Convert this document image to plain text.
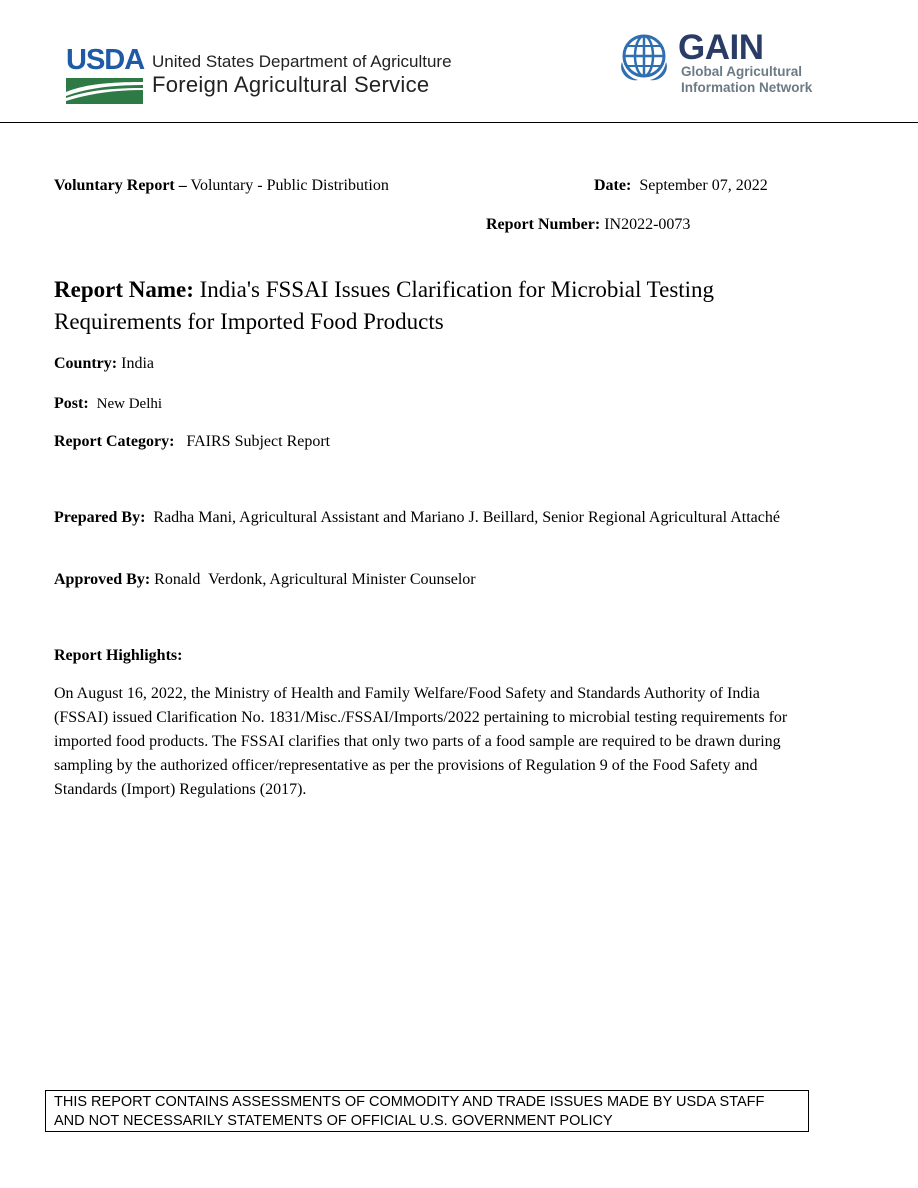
USDA United States Department of Agriculture
Foreign Agricultural Service
GAIN
Global Agricultural
Information Network
Voluntary Report – Voluntary - Public Distribution	Date: September 07, 2022
Report Number: IN2022-0073
Report Name: India's FSSAI Issues Clarification for Microbial Testing
Requirements for Imported Food Products
Country: India
Post: New Delhi
Report Category: FAIRS Subject Report
Prepared By: Radha Mani, Agricultural Assistant and Mariano J. Beillard, Senior Regional Agricultural Attaché
Approved By: Ronald  Verdonk, Agricultural Minister Counselor
Report Highlights:
On August 16, 2022, the Ministry of Health and Family Welfare/Food Safety and Standards Authority of India (FSSAI) issued Clarification No. 1831/Misc./FSSAI/Imports/2022 pertaining to microbial testing requirements for imported food products. The FSSAI clarifies that only two parts of a food sample are required to be drawn during sampling by the authorized officer/representative as per the provisions of Regulation 9 of the Food Safety and Standards (Import) Regulations (2017).
THIS REPORT CONTAINS ASSESSMENTS OF COMMODITY AND TRADE ISSUES MADE BY USDA STAFF
AND NOT NECESSARILY STATEMENTS OF OFFICIAL U.S. GOVERNMENT POLICY
